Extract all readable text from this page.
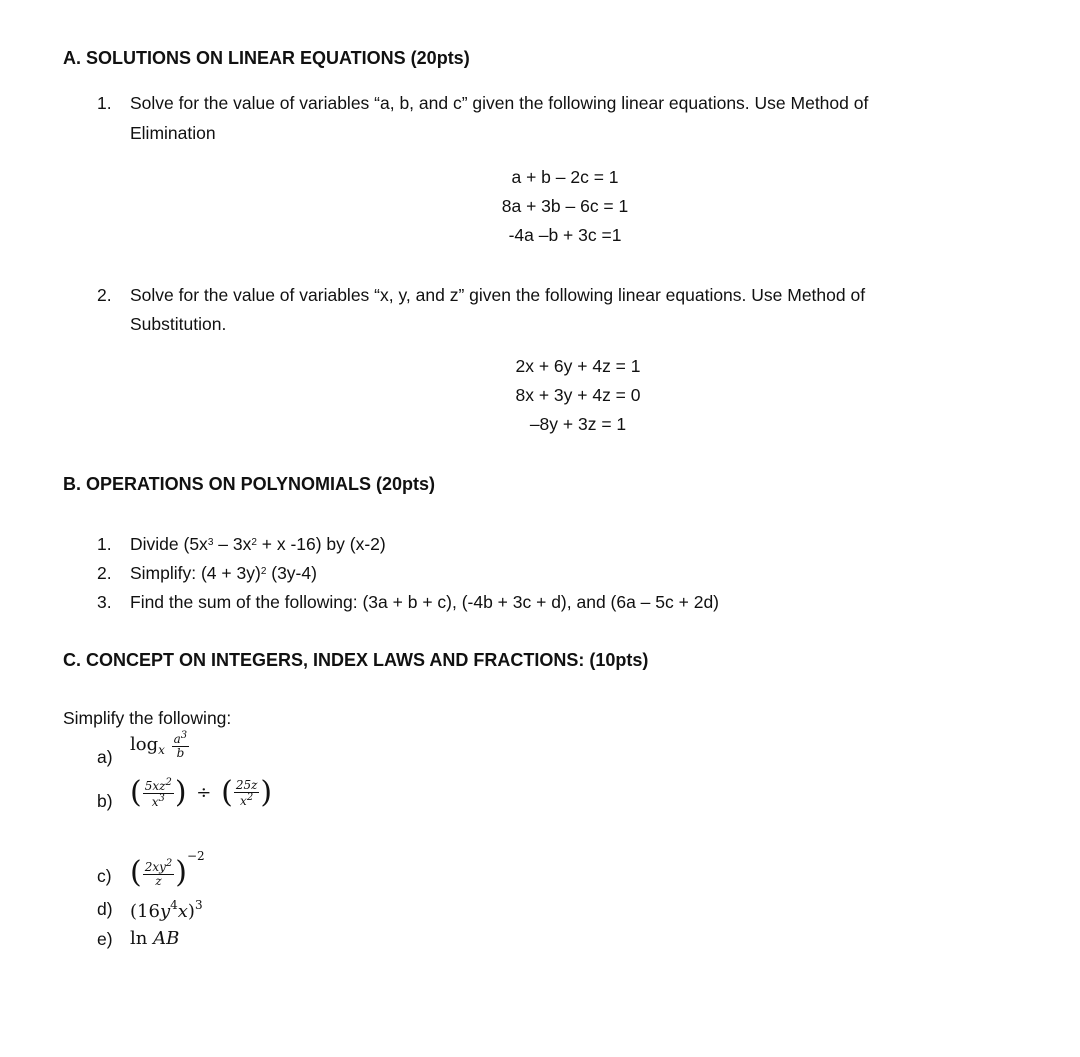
A. SOLUTIONS ON LINEAR EQUATIONS (20pts)
1. Solve for the value of variables “a, b, and c” given the following linear equations. Use Method of
Elimination
a + b – 2c = 1
8a + 3b – 6c = 1
-4a –b + 3c =1
2. Solve for the value of variables “x, y, and z” given the following linear equations. Use Method of
Substitution.
2x + 6y + 4z = 1
8x + 3y + 4z = 0
–8y + 3z = 1
B. OPERATIONS ON POLYNOMIALS (20pts)
1. Divide ($5x^3 - 3x^2 + x$ -16) by (x-2)
2. Simplify: $(4 + 3y)^2$ (3y-4)
3. Find the sum of the following: (3a + b + c), (-4b + 3c + d), and (6a – 5c + 2d)
C. CONCEPT ON INTEGERS, INDEX LAWS AND FRACTIONS: (10pts)
Simplify the following:
a)
$\log_x \frac{a^3}{b}$
b) ( $\frac{5xz^2}{x^3}$ ) ÷ ( $\frac{25z}{x^2}$ )
c) ( $\frac{2xy^2}{z} )^{-2}$
d) $(16y^4x)^3$
e) ln AB
